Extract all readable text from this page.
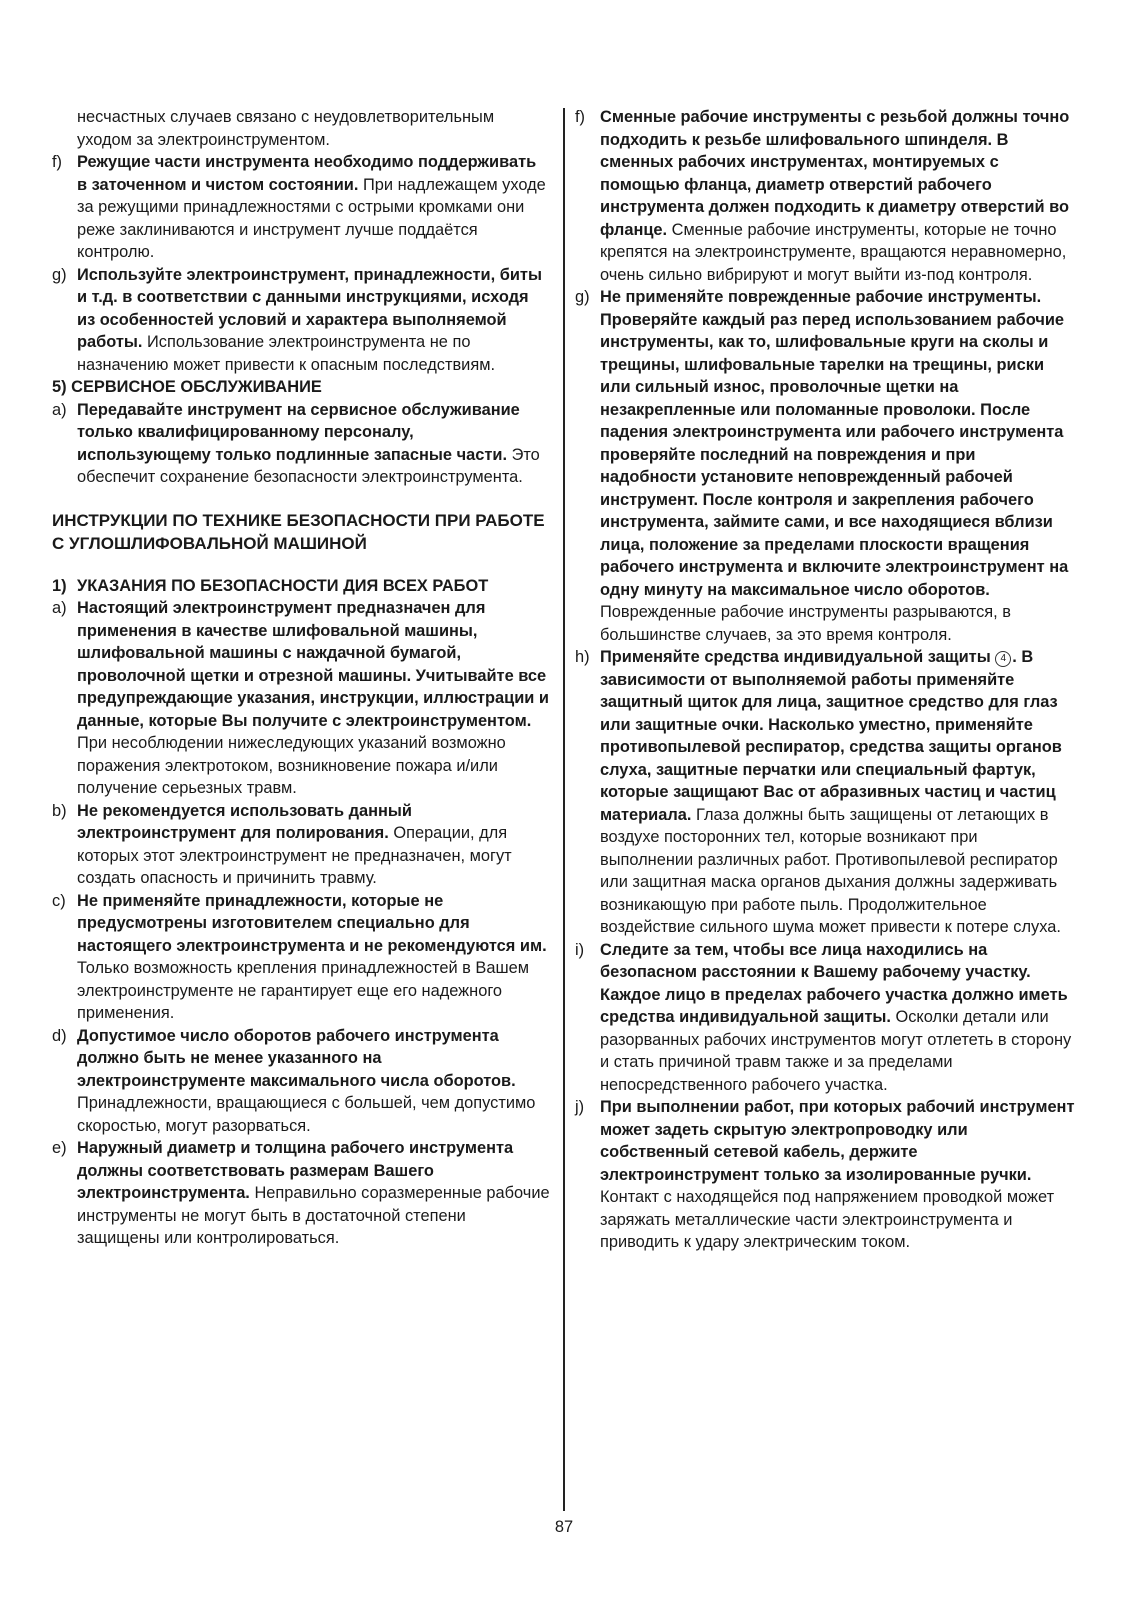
несчастных случаев связано с неудовлетворительным уходом за электроинструментом.
f) Режущие части инструмента необходимо поддерживать в заточенном и чистом состоянии. При надлежащем уходе за режущими принадлежностями с острыми кромками они реже заклиниваются и инструмент лучше поддаётся контролю.
g) Используйте электроинструмент, принадлежности, биты и т.д. в соответствии с данными инструкциями, исходя из особенностей условий и характера выполняемой работы. Использование электроинструмента не по назначению может привести к опасным последствиям.
5) СЕРВИСНОЕ ОБСЛУЖИВАНИЕ
a) Передавайте инструмент на сервисное обслуживание только квалифицированному персоналу, использующему только подлинные запасные части. Это обеспечит сохранение безопасности электроинструмента.
ИНСТРУКЦИИ ПО ТЕХНИКЕ БЕЗОПАСНОСТИ ПРИ РАБОТЕ С УГЛОШЛИФОВАЛЬНОЙ МАШИНОЙ
1) УКАЗАНИЯ ПО БЕЗОПАСНОСТИ ДИЯ ВСЕХ РАБОТ
a) Настоящий электроинструмент предназначен для применения в качестве шлифовальной машины, шлифовальной машины с наждачной бумагой, проволочной щетки и отрезной машины. Учитывайте все предупреждающие указания, инструкции, иллюстрации и данные, которые Вы получите с электроинструментом. При несоблюдении нижеследующих указаний возможно поражения электротоком, возникновение пожара и/или получение серьезных травм.
b) Не рекомендуется использовать данный электроинструмент для полирования. Операции, для которых этот электроинструмент не предназначен, могут создать опасность и причинить травму.
c) Не применяйте принадлежности, которые не предусмотрены изготовителем специально для настоящего электроинструмента и не рекомендуются им. Только возможность крепления принадлежностей в Вашем электроинструменте не гарантирует еще его надежного применения.
d) Допустимое число оборотов рабочего инструмента должно быть не менее указанного на электроинструменте максимального числа оборотов. Принадлежности, вращающиеся с большей, чем допустимо скоростью, могут разорваться.
e) Наружный диаметр и толщина рабочего инструмента должны соответствовать размерам Вашего электроинструмента. Неправильно соразмеренные рабочие инструменты не могут быть в достаточной степени защищены или контролироваться.
f) Сменные рабочие инструменты с резьбой должны точно подходить к резьбе шлифовального шпинделя. В сменных рабочих инструментах, монтируемых с помощью фланца, диаметр отверстий рабочего инструмента должен подходить к диаметру отверстий во фланце. Сменные рабочие инструменты, которые не точно крепятся на электроинструменте, вращаются неравномерно, очень сильно вибрируют и могут выйти из-под контроля.
g) Не применяйте поврежденные рабочие инструменты. Проверяйте каждый раз перед использованием рабочие инструменты, как то, шлифовальные круги на сколы и трещины, шлифовальные тарелки на трещины, риски или сильный износ, проволочные щетки на незакрепленные или поломанные проволоки. После падения электроинструмента или рабочего инструмента проверяйте последний на повреждения и при надобности установите неповрежденный рабочей инструмент. После контроля и закрепления рабочего инструмента, займите сами, и все находящиеся вблизи лица, положение за пределами плоскости вращения рабочего инструмента и включите электроинструмент на одну минуту на максимальное число оборотов. Поврежденные рабочие инструменты разрываются, в большинстве случаев, за это время контроля.
h) Применяйте средства индивидуальной защиты 4 . В зависимости от выполняемой работы применяйте защитный щиток для лица, защитное средство для глаз или защитные очки. Насколько уместно, применяйте противопылевой респиратор, средства защиты органов слуха, защитные перчатки или специальный фартук, которые защищают Вас от абразивных частиц и частиц материала. Глаза должны быть защищены от летающих в воздухе посторонних тел, которые возникают при выполнении различных работ. Противопылевой респиратор или защитная маска органов дыхания должны задерживать возникающую при работе пыль. Продолжительное воздействие сильного шума может привести к потере слуха.
i) Следите за тем, чтобы все лица находились на безопасном расстоянии к Вашему рабочему участку. Каждое лицо в пределах рабочего участка должно иметь средства индивидуальной защиты. Осколки детали или разорванных рабочих инструментов могут отлететь в сторону и стать причиной травм также и за пределами непосредственного рабочего участка.
j) При выполнении работ, при которых рабочий инструмент может задеть скрытую электропроводку или собственный сетевой кабель, держите электроинструмент только за изолированные ручки. Контакт с находящейся под напряжением проводкой может заряжать металлические части электроинструмента и приводить к удару электрическим током.
87
